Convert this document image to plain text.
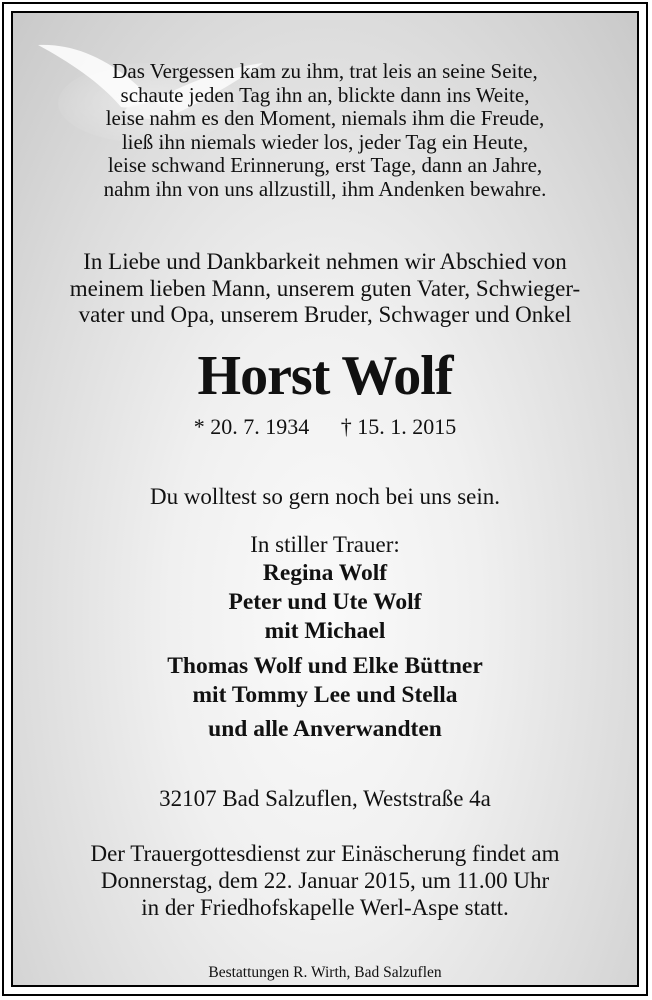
Das Vergessen kam zu ihm, trat leis an seine Seite,
schaute jeden Tag ihn an, blickte dann ins Weite,
leise nahm es den Moment, niemals ihm die Freude,
ließ ihn niemals wieder los, jeder Tag ein Heute,
leise schwand Erinnerung, erst Tage, dann an Jahre,
nahm ihn von uns allzustill, ihm Andenken bewahre.
In Liebe und Dankbarkeit nehmen wir Abschied von
meinem lieben Mann, unserem guten Vater, Schwieger-
vater und Opa, unserem Bruder, Schwager und Onkel
Horst Wolf
* 20. 7. 1934 † 15. 1. 2015
Du wolltest so gern noch bei uns sein.
In stiller Trauer:
Regina Wolf
Peter und Ute Wolf
mit Michael
Thomas Wolf und Elke Büttner
mit Tommy Lee und Stella
und alle Anverwandten
32107 Bad Salzuflen, Weststraße 4a
Der Trauergottesdienst zur Einäscherung findet am
Donnerstag, dem 22. Januar 2015, um 11.00 Uhr
in der Friedhofskapelle Werl-Aspe statt.
Bestattungen R. Wirth, Bad Salzuflen
